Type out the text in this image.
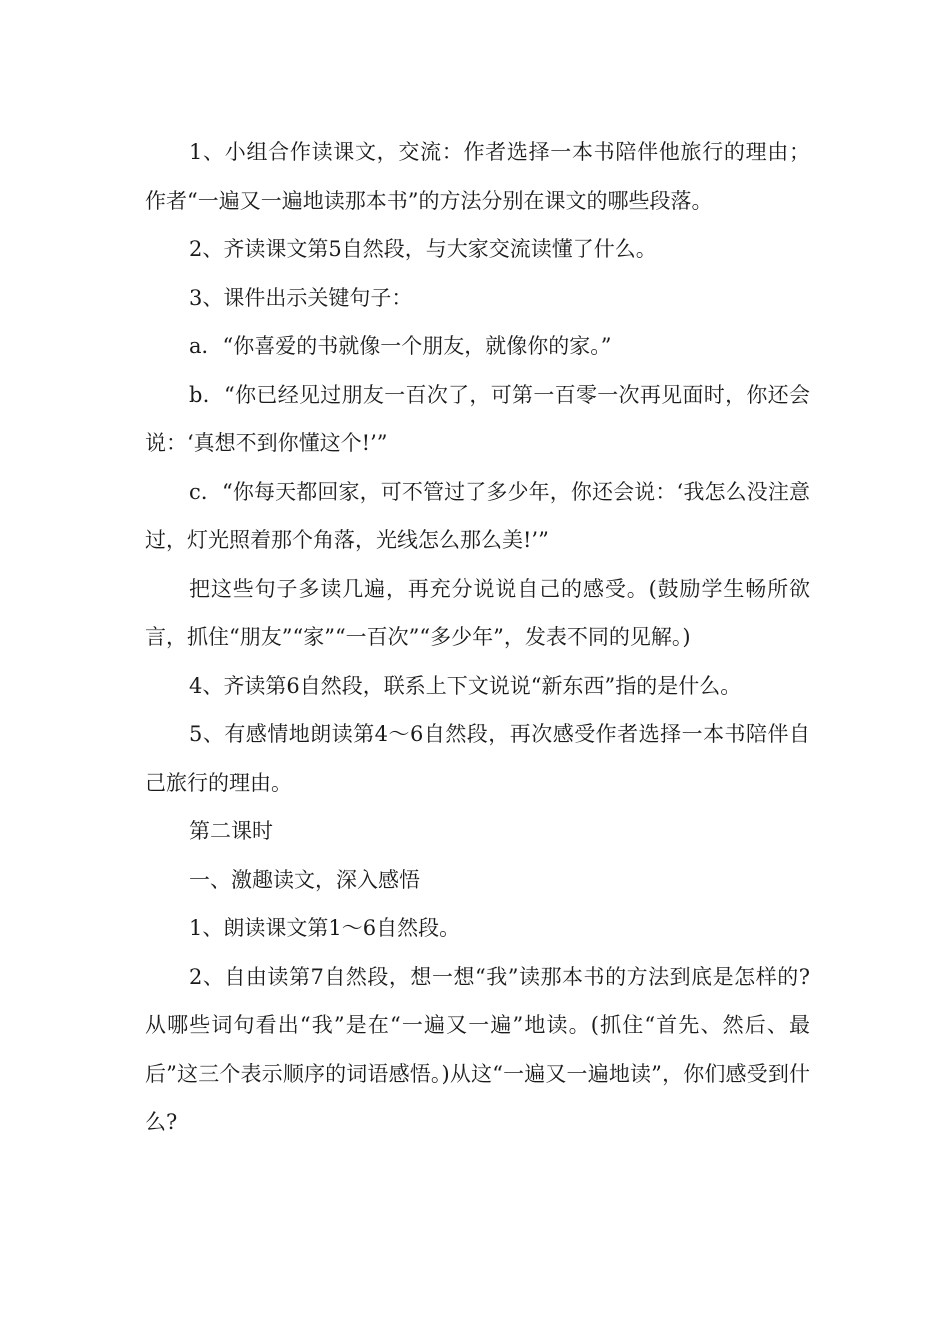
1、小组合作读课文，交流：作者选择一本书陪伴他旅行的理由；作者“一遍又一遍地读那本书”的方法分别在课文的哪些段落。

2、齐读课文第5自然段，与大家交流读懂了什么。

3、课件出示关键句子：

a．“你喜爱的书就像一个朋友，就像你的家。”

b．“你已经见过朋友一百次了，可第一百零一次再见面时，你还会说：‘真想不到你懂这个!’”

c．“你每天都回家，可不管过了多少年，你还会说：‘我怎么没注意过，灯光照着那个角落，光线怎么那么美!’”

把这些句子多读几遍，再充分说说自己的感受。(鼓励学生畅所欲言，抓住“朋友”“家”“一百次”“多少年”，发表不同的见解。)

4、齐读第6自然段，联系上下文说说“新东西”指的是什么。

5、有感情地朗读第4～6自然段，再次感受作者选择一本书陪伴自己旅行的理由。

第二课时

一、激趣读文，深入感悟

1、朗读课文第1～6自然段。

2、自由读第7自然段，想一想“我”读那本书的方法到底是怎样的?从哪些词句看出“我”是在“一遍又一遍”地读。(抓住“首先、然后、最后”这三个表示顺序的词语感悟。)从这“一遍又一遍地读”，你们感受到什么?
